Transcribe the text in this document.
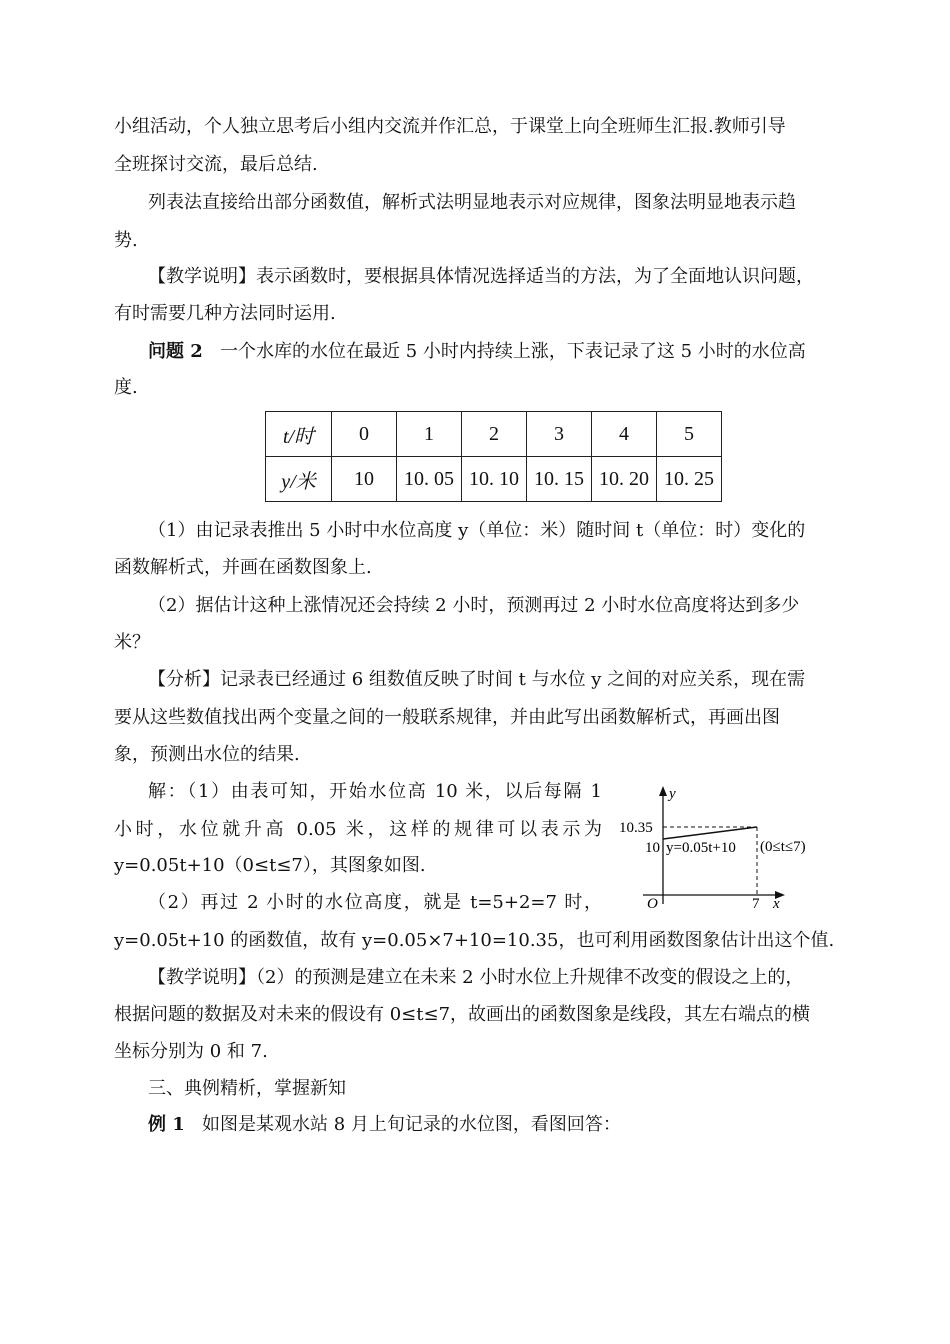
小组活动，个人独立思考后小组内交流并作汇总，于课堂上向全班师生汇报.教师引导
全班探讨交流，最后总结.
列表法直接给出部分函数值，解析式法明显地表示对应规律，图象法明显地表示趋
势.
【教学说明】表示函数时，要根据具体情况选择适当的方法，为了全面地认识问题，
有时需要几种方法同时运用.
问题 2 一个水库的水位在最近 5 小时内持续上涨，下表记录了这 5 小时的水位高
度.
t/时	0	1	2	3	4	5
y/米	10	10. 05	10. 10	10. 15	10. 20	10. 25
（1）由记录表推出 5 小时中水位高度 y（单位：米）随时间 t（单位：时）变化的
函数解析式，并画在函数图象上.
（2）据估计这种上涨情况还会持续 2 小时，预测再过 2 小时水位高度将达到多少
米？
【分析】记录表已经通过 6 组数值反映了时间 t 与水位 y 之间的对应关系，现在需
要从这些数值找出两个变量之间的一般联系规律，并由此写出函数解析式，再画出图
象，预测出水位的结果.
解：（1）由表可知，开始水位高 10 米，以后每隔 1
小时，水位就升高 0.05 米，这样的规律可以表示为
y=0.05t+10（0≤t≤7），其图象如图.
（2）再过 2 小时的水位高度，就是 t=5+2=7 时，
y=0.05t+10 的函数值，故有 y=0.05×7+10=10.35，也可利用函数图象估计出这个值.
y
x
O
10.35
10
7
y=0.05t+10 (0≤t≤7)
【教学说明】（2）的预测是建立在未来 2 小时水位上升规律不改变的假设之上的，
根据问题的数据及对未来的假设有 0≤t≤7，故画出的函数图象是线段，其左右端点的横
坐标分别为 0 和 7.
三、典例精析，掌握新知
例 1 如图是某观水站 8 月上旬记录的水位图，看图回答：
